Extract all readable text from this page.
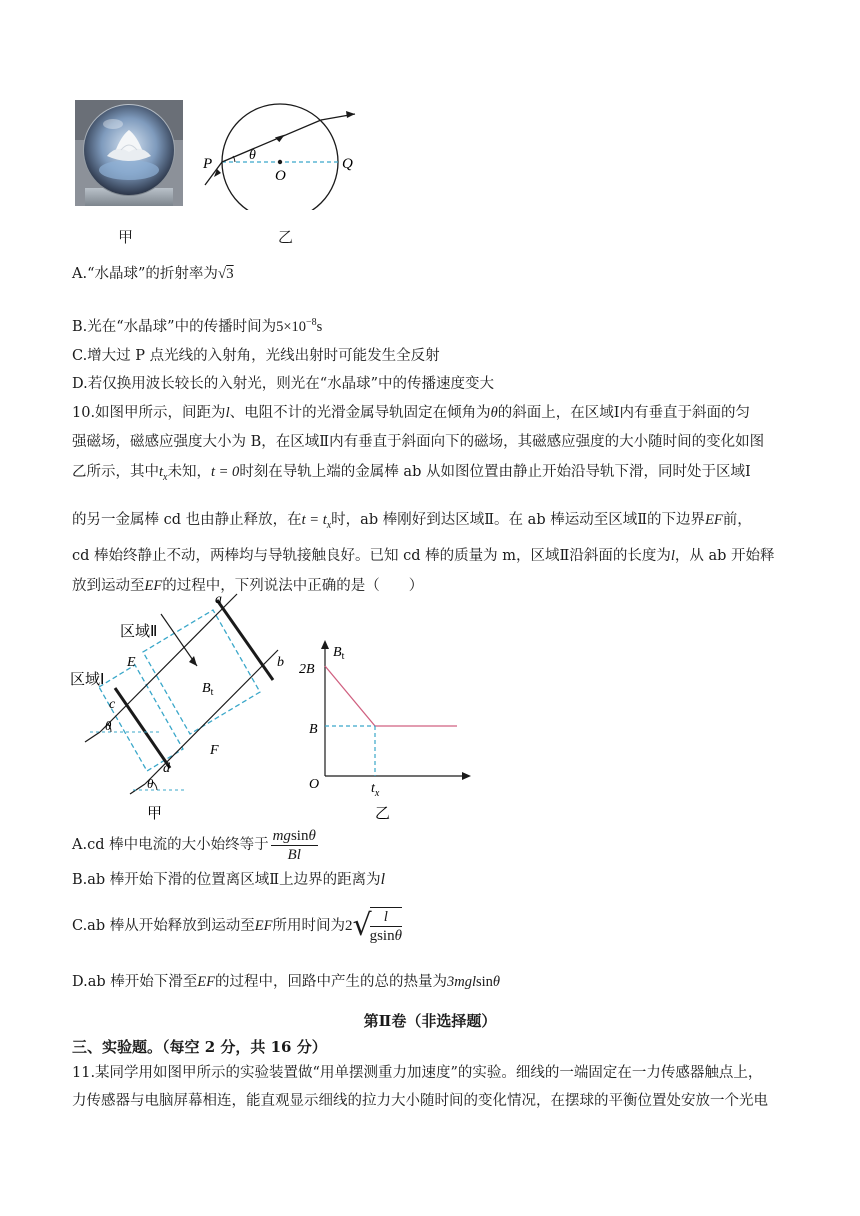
P
θ
O
Q
甲	乙
A.“水晶球”的折射率为√3
B.光在“水晶球”中的传播时间为$5\times 10^{-8}s$
C.增大过 P 点光线的入射角，光线出射时可能发生全反射
D.若仅换用波长较长的入射光，则光在“水晶球”中的传播速度变大
10.如图甲所示，间距为l、电阻不计的光滑金属导轨固定在倾角为θ的斜面上，在区域Ⅰ内有垂直于斜面的匀
强磁场，磁感应强度大小为 B，在区域Ⅱ内有垂直于斜面向下的磁场，其磁感应强度的大小随时间的变化如图
乙所示，其中$t_x$未知，t = 0时刻在导轨上端的金属棒 ab 从如图位置由静止开始沿导轨下滑，同时处于区域Ⅰ
的另一金属棒 cd 也由静止释放，在$t = t_x$时，ab 棒刚好到达区域Ⅱ。在 ab 棒运动至区域Ⅱ的下边界EF前，
cd 棒始终静止不动，两棒均与导轨接触良好。已知 cd 棒的质量为 m，区域Ⅱ沿斜面的长度为l，从 ab 开始释
放到运动至EF的过程中，下列说法中正确的是（　　）
区域Ⅱ
区域Ⅰ
a
b
c
d
E
F
$B_t$
θ
θ
甲
$B_t$
2B
B
O	$t_x$
乙
A.cd 棒中电流的大小始终等于 $\frac{mgsin\theta}{Bl}$
B.ab 棒开始下滑的位置离区域Ⅱ上边界的距离为l
C.ab 棒从开始释放到运动至EF所用时间为2√
$\frac{l}{gsin\theta}$
D.ab 棒开始下滑至EF的过程中，回路中产生的总的热量为3mglsinθ
第Ⅱ卷（非选择题）
三、实验题。（每空 2 分，共 16 分）
11.某同学用如图甲所示的实验装置做“用单摆测重力加速度”的实验。细线的一端固定在一力传感器触点上，
力传感器与电脑屏幕相连，能直观显示细线的拉力大小随时间的变化情况，在摆球的平衡位置处安放一个光电
